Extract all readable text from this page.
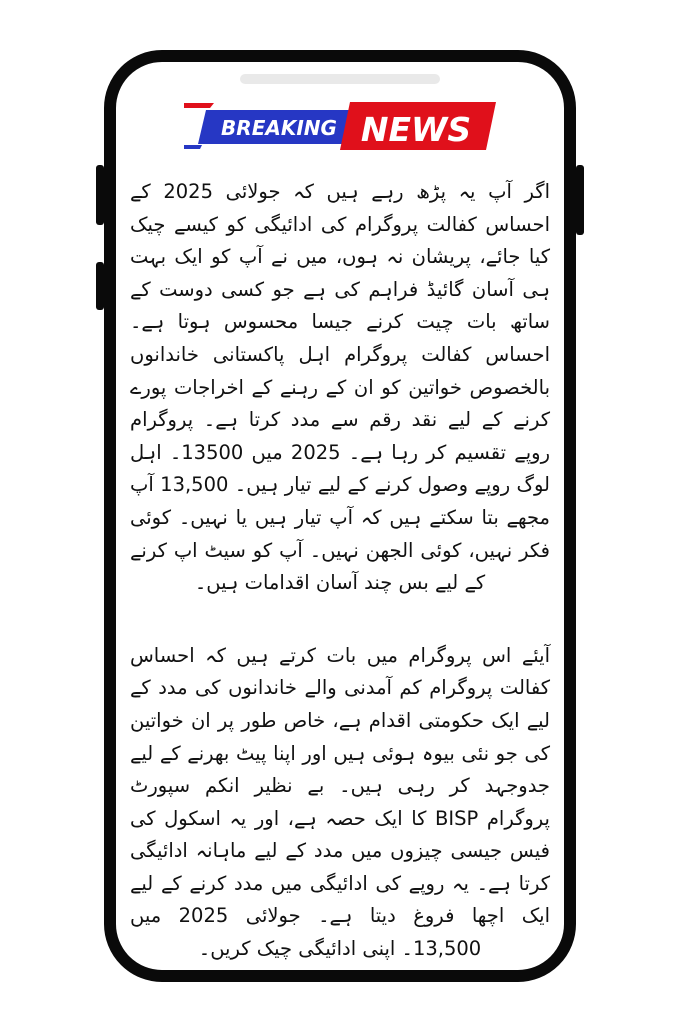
BREAKING NEWS

اگر آپ یہ پڑھ رہے ہیں کہ جولائی 2025 کے احساس کفالت پروگرام کی ادائیگی کو کیسے چیک کیا جائے، پریشان نہ ہوں، میں نے آپ کو ایک بہت ہی آسان گائیڈ فراہم کی ہے جو کسی دوست کے ساتھ بات چیت کرنے جیسا محسوس ہوتا ہے۔ احساس کفالت پروگرام اہل پاکستانی خاندانوں بالخصوص خواتین کو ان کے رہنے کے اخراجات پورے کرنے کے لیے نقد رقم سے مدد کرتا ہے۔ پروگرام روپے تقسیم کر رہا ہے۔ 2025 میں 13500۔ اہل لوگ روپے وصول کرنے کے لیے تیار ہیں۔ 13,500 آپ مجھے بتا سکتے ہیں کہ آپ تیار ہیں یا نہیں۔ کوئی فکر نہیں، کوئی الجھن نہیں۔ آپ کو سیٹ اپ کرنے کے لیے بس چند آسان اقدامات ہیں۔

آیئے اس پروگرام میں بات کرتے ہیں کہ احساس کفالت پروگرام کم آمدنی والے خاندانوں کی مدد کے لیے ایک حکومتی اقدام ہے، خاص طور پر ان خواتین کی جو نئی بیوہ ہوئی ہیں اور اپنا پیٹ بھرنے کے لیے جدوجہد کر رہی ہیں۔ بے نظیر انکم سپورٹ پروگرام BISP کا ایک حصہ ہے، اور یہ اسکول کی فیس جیسی چیزوں میں مدد کے لیے ماہانہ ادائیگی کرتا ہے۔ یہ روپے کی ادائیگی میں مدد کرنے کے لیے ایک اچھا فروغ دیتا ہے۔ جولائی 2025 میں 13,500۔ اپنی ادائیگی چیک کریں۔
